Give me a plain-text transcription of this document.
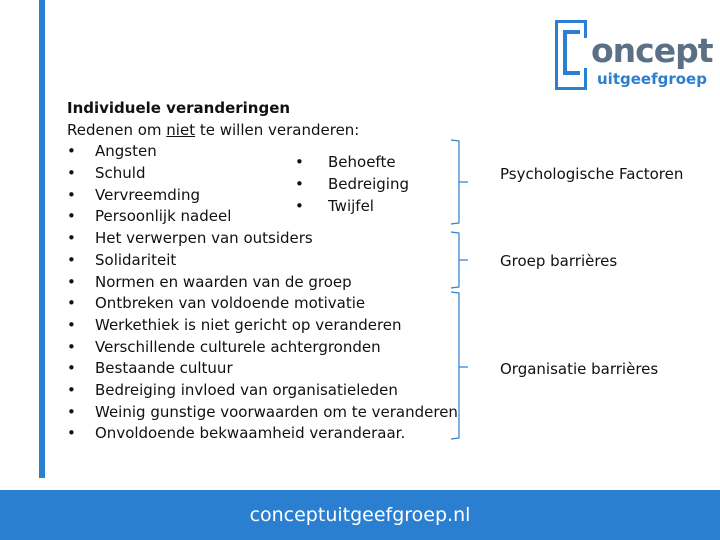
oncept
uitgeefgroep
Individuele veranderingen
Redenen om niet te willen veranderen:
• Angsten
• Schuld
• Vervreemding
• Persoonlijk nadeel
• Het verwerpen van outsiders
• Solidariteit
• Normen en waarden van de groep
• Ontbreken van voldoende motivatie
• Werkethiek is niet gericht op veranderen
• Verschillende culturele achtergronden
• Bestaande cultuur
• Bedreiging invloed van organisatieleden
• Weinig gunstige voorwaarden om te veranderen
• Onvoldoende bekwaamheid veranderaar.
• Behoefte
• Bedreiging
• Twijfel
Psychologische Factoren
Groep barrières
Organisatie barrières
conceptuitgeefgroep.nl
